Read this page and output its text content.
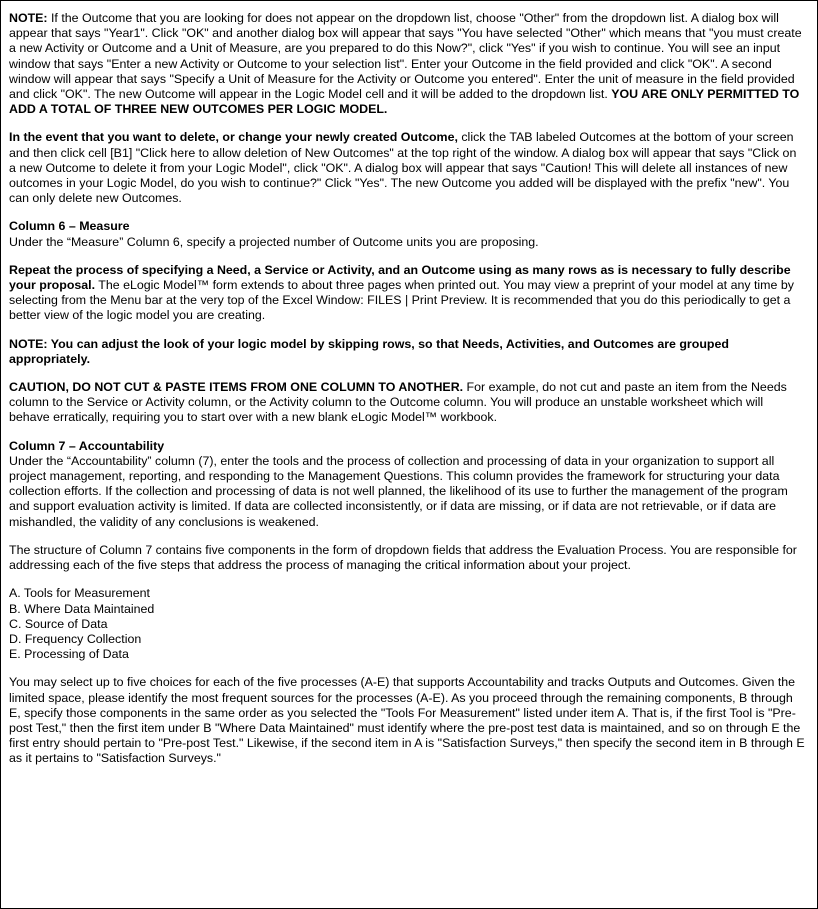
NOTE: If the Outcome that you are looking for does not appear on the dropdown list, choose "Other" from the dropdown list. A dialog box will appear that says "Year1". Click "OK" and another dialog box will appear that says "You have selected "Other" which means that "you must create a new Activity or Outcome and a Unit of Measure, are you prepared to do this Now?", click "Yes" if you wish to continue. You will see an input window that says "Enter a new Activity or Outcome to your selection list". Enter your Outcome in the field provided and click "OK". A second window will appear that says "Specify a Unit of Measure for the Activity or Outcome you entered". Enter the unit of measure in the field provided and click "OK". The new Outcome will appear in the Logic Model cell and it will be added to the dropdown list. YOU ARE ONLY PERMITTED TO ADD A TOTAL OF THREE NEW OUTCOMES PER LOGIC MODEL.

In the event that you want to delete, or change your newly created Outcome, click the TAB labeled Outcomes at the bottom of your screen and then click cell [B1] "Click here to allow deletion of New Outcomes" at the top right of the window. A dialog box will appear that says "Click on a new Outcome to delete it from your Logic Model", click "OK". A dialog box will appear that says "Caution! This will delete all instances of new outcomes in your Logic Model, do you wish to continue?" Click "Yes". The new Outcome you added will be displayed with the prefix "new". You can only delete new Outcomes.

Column 6 – Measure

Under the “Measure” Column 6, specify a projected number of Outcome units you are proposing.

Repeat the process of specifying a Need, a Service or Activity, and an Outcome using as many rows as is necessary to fully describe your proposal. The eLogic Model™ form extends to about three pages when printed out. You may view a preprint of your model at any time by selecting from the Menu bar at the very top of the Excel Window: FILES | Print Preview. It is recommended that you do this periodically to get a better view of the logic model you are creating.

NOTE: You can adjust the look of your logic model by skipping rows, so that Needs, Activities, and Outcomes are grouped appropriately.

CAUTION, DO NOT CUT & PASTE ITEMS FROM ONE COLUMN TO ANOTHER. For example, do not cut and paste an item from the Needs column to the Service or Activity column, or the Activity column to the Outcome column. You will produce an unstable worksheet which will behave erratically, requiring you to start over with a new blank eLogic Model™ workbook.

Column 7 – Accountability

Under the “Accountability” column (7), enter the tools and the process of collection and processing of data in your organization to support all project management, reporting, and responding to the Management Questions. This column provides the framework for structuring your data collection efforts. If the collection and processing of data is not well planned, the likelihood of its use to further the management of the program and support evaluation activity is limited. If data are collected inconsistently, or if data are missing, or if data are not retrievable, or if data are mishandled, the validity of any conclusions is weakened.

The structure of Column 7 contains five components in the form of dropdown fields that address the Evaluation Process. You are responsible for addressing each of the five steps that address the process of managing the critical information about your project.

A. Tools for Measurement
B. Where Data Maintained
C. Source of Data
D. Frequency Collection
E. Processing of Data

You may select up to five choices for each of the five processes (A-E) that supports Accountability and tracks Outputs and Outcomes. Given the limited space, please identify the most frequent sources for the processes (A-E). As you proceed through the remaining components, B through E, specify those components in the same order as you selected the "Tools For Measurement" listed under item A. That is, if the first Tool is "Pre-post Test," then the first item under B "Where Data Maintained" must identify where the pre-post test data is maintained, and so on through E the first entry should pertain to "Pre-post Test." Likewise, if the second item in A is "Satisfaction Surveys," then specify the second item in B through E as it pertains to "Satisfaction Surveys."
